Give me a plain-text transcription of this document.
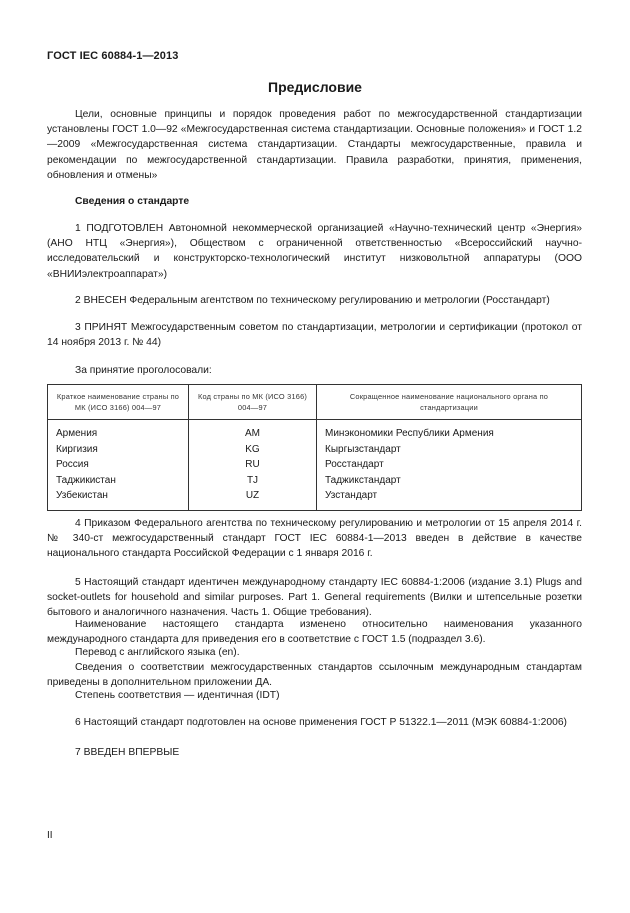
ГОСТ IEC 60884-1—2013
Предисловие

Цели, основные принципы и порядок проведения работ по межгосударственной стандартизации установлены ГОСТ 1.0—92 «Межгосударственная система стандартизации. Основные положения» и ГОСТ 1.2—2009 «Межгосударственная система стандартизации. Стандарты межгосударственные, правила и рекомендации по межгосударственной стандартизации. Правила разработки, принятия, применения, обновления и отмены»

Сведения о стандарте

1 ПОДГОТОВЛЕН Автономной некоммерческой организацией «Научно-технический центр «Энергия» (АНО НТЦ «Энергия»), Обществом с ограниченной ответственностью «Всероссийский научно-исследовательский и конструкторско-технологический институт низковольтной аппаратуры (ООО «ВНИИэлектроаппарат»)

2 ВНЕСЕН Федеральным агентством по техническому регулированию и метрологии (Росстандарт)

3 ПРИНЯТ Межгосударственным советом по стандартизации, метрологии и сертификации (протокол от 14 ноября 2013 г. № 44)

За принятие проголосовали:
Краткое наименование страны по МК (ИСО 3166) 004—97	Код страны по МК (ИСО 3166) 004—97	Сокращенное наименование национального органа по стандартизации
Армения	AM	Минэкономики Республики Армения
Киргизия	KG	Кыргызстандарт
Россия	RU	Росстандарт
Таджикистан	TJ	Таджикстандарт
Узбекистан	UZ	Узстандарт

4 Приказом Федерального агентства по техническому регулированию и метрологии от 15 апреля 2014 г. № 340-ст межгосударственный стандарт ГОСТ IEC 60884-1—2013 введен в действие в качестве национального стандарта Российской Федерации с 1 января 2016 г.

5 Настоящий стандарт идентичен международному стандарту IEC 60884-1:2006 (издание 3.1) Plugs and socket-outlets for household and similar purposes. Part 1. General requirements (Вилки и штепсельные розетки бытового и аналогичного назначения. Часть 1. Общие требования).

Наименование настоящего стандарта изменено относительно наименования указанного международного стандарта для приведения его в соответствие с ГОСТ 1.5 (подраздел 3.6).

Перевод с английского языка (en).

Сведения о соответствии межгосударственных стандартов ссылочным международным стандартам приведены в дополнительном приложении ДА.

Степень соответствия — идентичная (IDT)

6 Настоящий стандарт подготовлен на основе применения ГОСТ Р 51322.1—2011 (МЭК 60884-1:2006)

7 ВВЕДЕН ВПЕРВЫЕ

II
